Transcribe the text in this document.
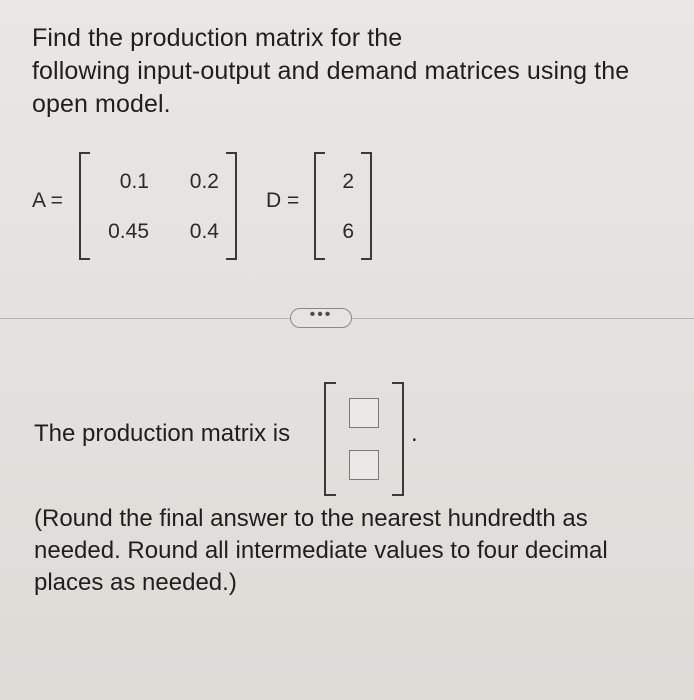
Find the production matrix for the
following input-output and demand matrices using the
open model.
A =
0.1 0.2
0.45 0.4
D =
2
6
•••
The production matrix is	.
(Round the final answer to the nearest hundredth as
needed. Round all intermediate values to four decimal
places as needed.)
